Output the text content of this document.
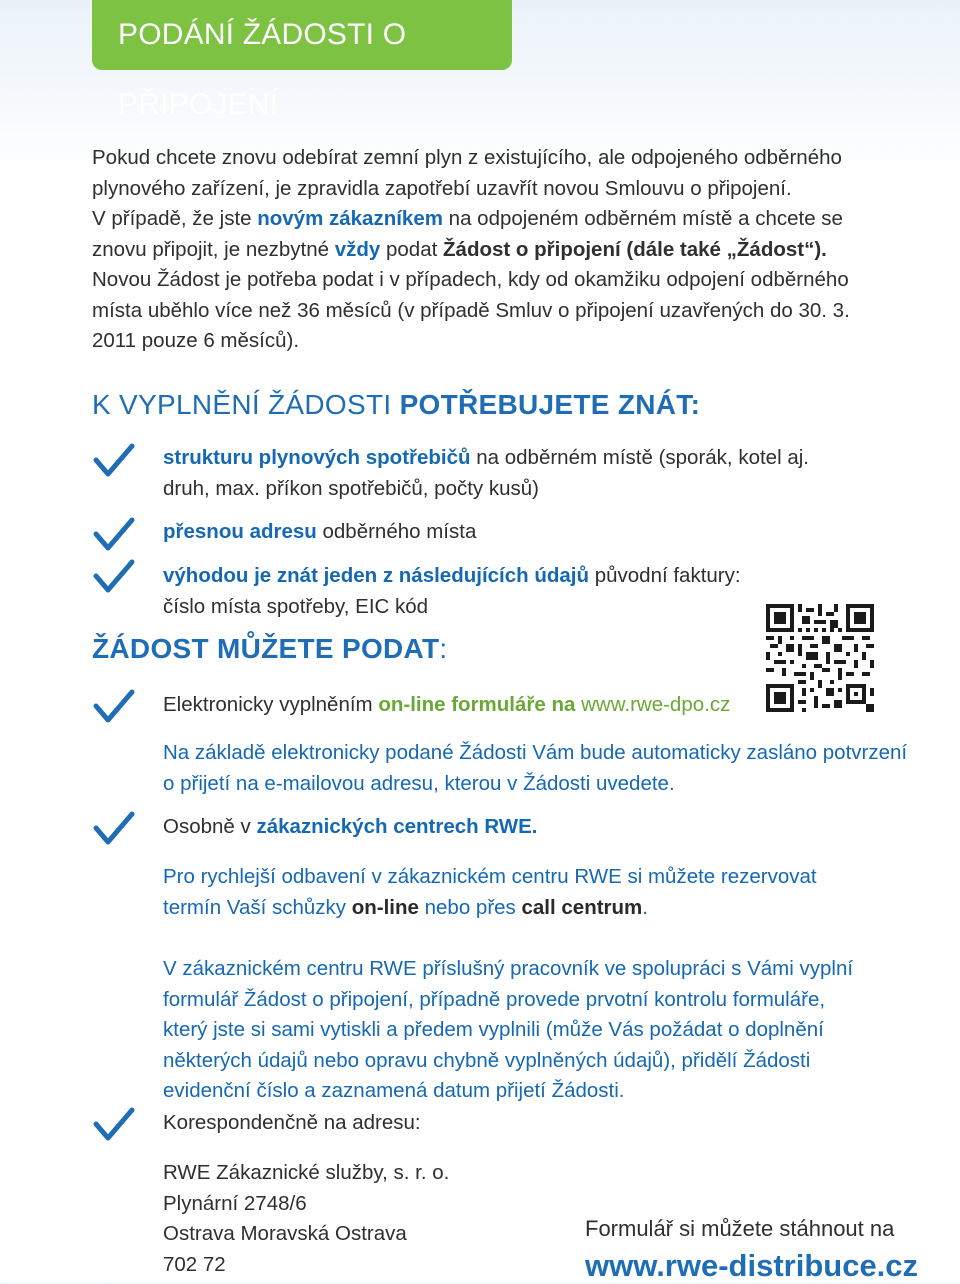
PODÁNÍ ŽÁDOSTI O PŘIPOJENÍ
Pokud chcete znovu odebírat zemní plyn z existujícího, ale odpojeného odběrného
plynového zařízení, je zpravidla zapotřebí uzavřít novou Smlouvu o připojení.
V případě, že jste novým zákazníkem na odpojeném odběrném místě a chcete se
znovu připojit, je nezbytné vždy podat Žádost o připojení (dále také „Žádost“).
Novou Žádost je potřeba podat i v případech, kdy od okamžiku odpojení odběrného
místa uběhlo více než 36 měsíců (v případě Smluv o připojení uzavřených do 30. 3.
2011 pouze 6 měsíců).
K VYPLNĚNÍ ŽÁDOSTI POTŘEBUJETE ZNÁT:
strukturu plynových spotřebičů na odběrném místě (sporák, kotel aj.
druh, max. příkon spotřebičů, počty kusů)
přesnou adresu odběrného místa
výhodou je znát jeden z následujících údajů původní faktury:
číslo místa spotřeby, EIC kód
ŽÁDOST MŮŽETE PODAT:
Elektronicky vyplněním on-line formuláře na www.rwe-dpo.cz
Na základě elektronicky podané Žádosti Vám bude automaticky zasláno potvrzení
o přijetí na e-mailovou adresu, kterou v Žádosti uvedete.
Osobně v zákaznických centrech RWE.
Pro rychlejší odbavení v zákaznickém centru RWE si můžete rezervovat
termín Vaší schůzky on-line nebo přes call centrum.
V zákaznickém centru RWE příslušný pracovník ve spolupráci s Vámi vyplní
formulář Žádost o připojení, případně provede prvotní kontrolu formuláře,
který jste si sami vytiskli a předem vyplnili (může Vás požádat o doplnění
některých údajů nebo opravu chybně vyplněných údajů), přidělí Žádosti
evidenční číslo a zaznamená datum přijetí Žádosti.
Korespondenčně na adresu:
RWE Zákaznické služby, s. r. o.
Plynární 2748/6
Ostrava Moravská Ostrava
702 72
Formulář si můžete stáhnout na
www.rwe-distribuce.cz
